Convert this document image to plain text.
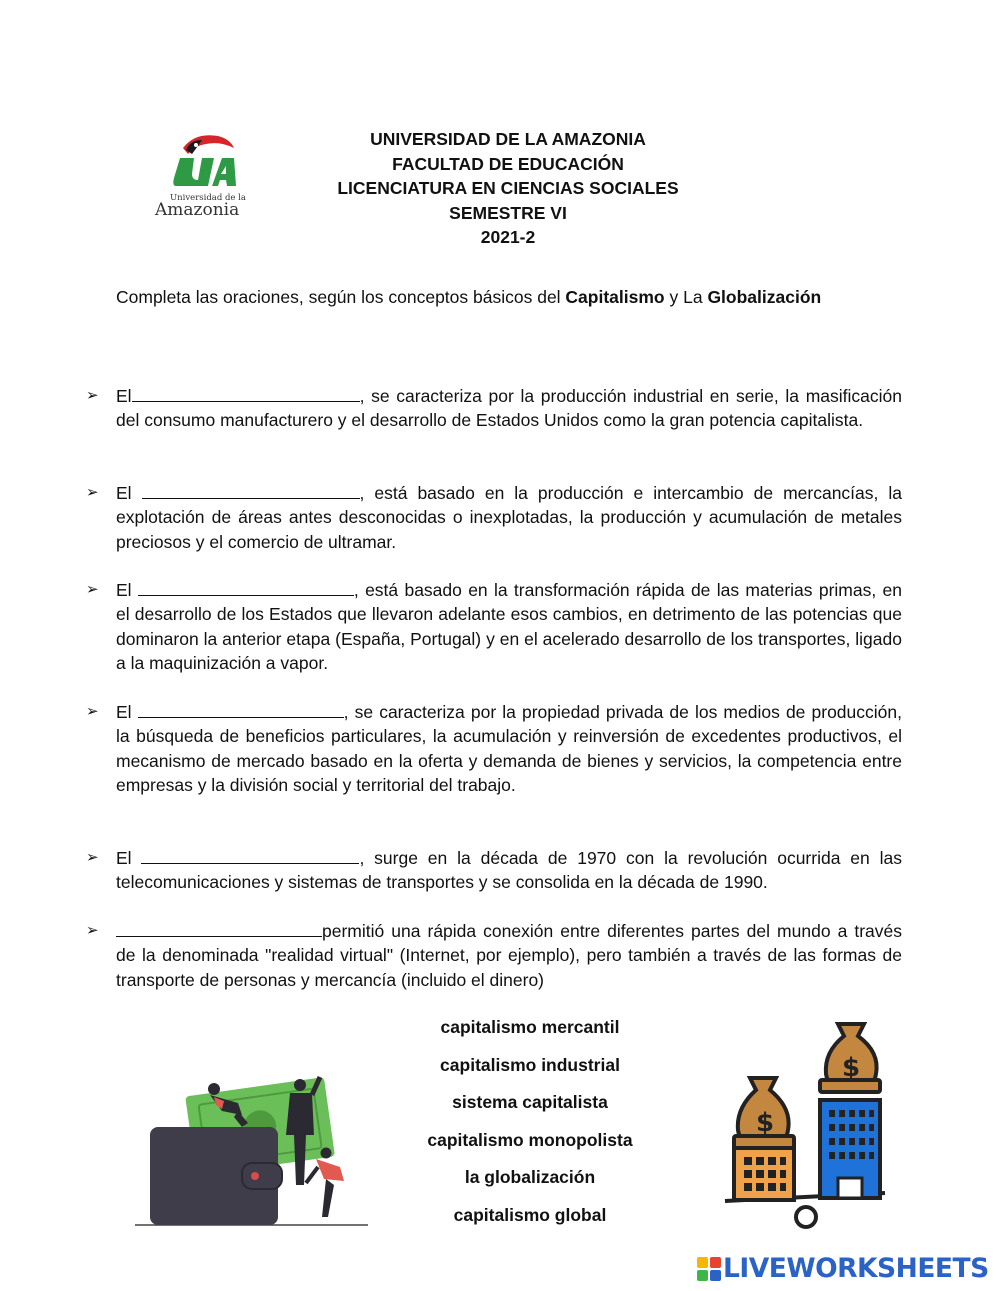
Universidad de la
Amazonia
UNIVERSIDAD DE LA AMAZONIA
FACULTAD DE EDUCACIÓN
LICENCIATURA EN CIENCIAS SOCIALES
SEMESTRE VI
2021-2
Completa las oraciones, según los conceptos básicos del Capitalismo y La Globalización
➢ El	, se caracteriza por la producción industrial en serie, la masificación del consumo manufacturero y el desarrollo de Estados Unidos como la gran potencia capitalista.
➢ El	, está basado en la producción e intercambio de mercancías, la explotación de áreas antes desconocidas o inexplotadas, la producción y acumulación de metales preciosos y el comercio de ultramar.
➢ El	, está basado en la transformación rápida de las materias primas, en el desarrollo de los Estados que llevaron adelante esos cambios, en detrimento de las potencias que dominaron la anterior etapa (España, Portugal) y en el acelerado desarrollo de los transportes, ligado a la maquinización a vapor.
➢ El	, se caracteriza por la propiedad privada de los medios de producción, la búsqueda de beneficios particulares, la acumulación y reinversión de excedentes productivos, el mecanismo de mercado basado en la oferta y demanda de bienes y servicios, la competencia entre empresas y la división social y territorial del trabajo.
➢ El	, surge en la década de 1970 con la revolución ocurrida en las telecomunicaciones y sistemas de transportes y se consolida en la década de 1990.
➢	permitió una rápida conexión entre diferentes partes del mundo a través de la denominada "realidad virtual" (Internet, por ejemplo), pero también a través de las formas de transporte de personas y mercancía (incluido el dinero)
capitalismo mercantil
capitalismo industrial
sistema capitalista
capitalismo monopolista
la globalización
capitalismo global
$
$
LIVEWORKSHEETS
